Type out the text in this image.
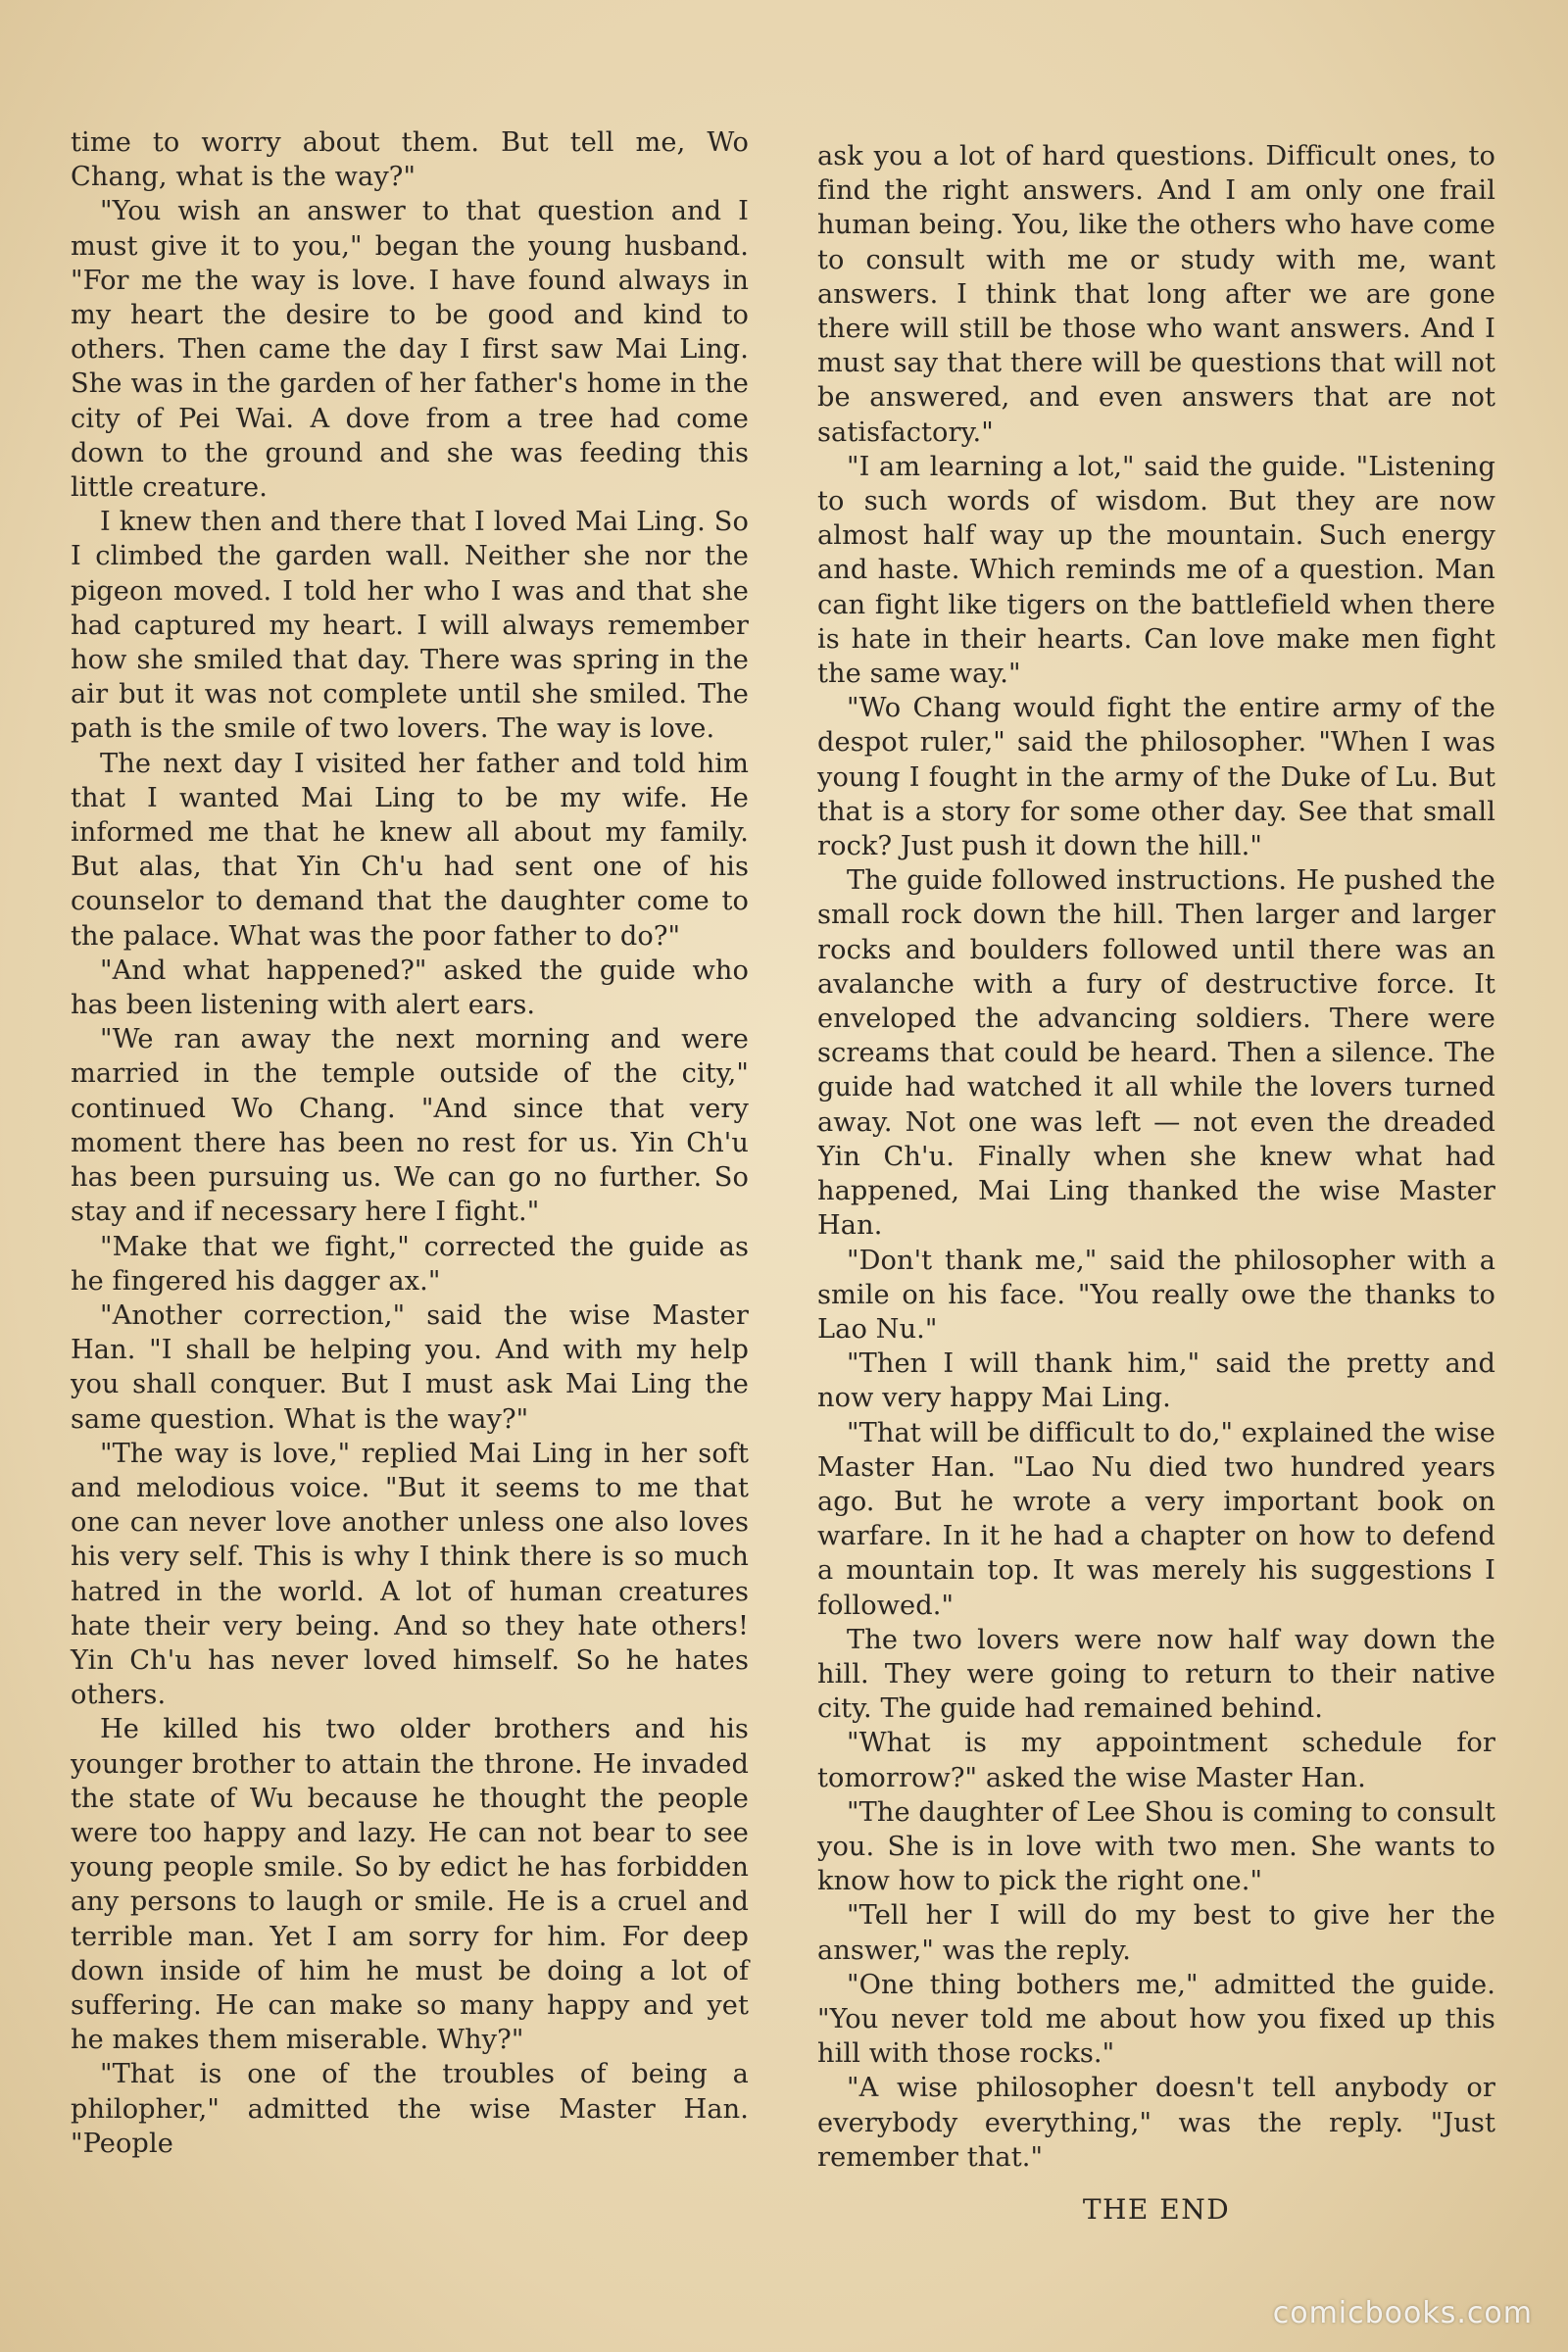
time to worry about them. But tell me, Wo Chang, what is the way?"

"You wish an answer to that question and I must give it to you," began the young husband. "For me the way is love. I have found always in my heart the desire to be good and kind to others. Then came the day I first saw Mai Ling. She was in the garden of her father's home in the city of Pei Wai. A dove from a tree had come down to the ground and she was feeding this little creature.

I knew then and there that I loved Mai Ling. So I climbed the garden wall. Neither she nor the pigeon moved. I told her who I was and that she had captured my heart. I will always remember how she smiled that day. There was spring in the air but it was not complete until she smiled. The path is the smile of two lovers. The way is love.

The next day I visited her father and told him that I wanted Mai Ling to be my wife. He informed me that he knew all about my family. But alas, that Yin Ch'u had sent one of his counselor to demand that the daughter come to the palace. What was the poor father to do?"

"And what happened?" asked the guide who has been listening with alert ears.

"We ran away the next morning and were married in the temple outside of the city," continued Wo Chang. "And since that very moment there has been no rest for us. Yin Ch'u has been pursuing us. We can go no further. So stay and if necessary here I fight."

"Make that we fight," corrected the guide as he fingered his dagger ax."

"Another correction," said the wise Master Han. "I shall be helping you. And with my help you shall conquer. But I must ask Mai Ling the same question. What is the way?"

"The way is love," replied Mai Ling in her soft and melodious voice. "But it seems to me that one can never love another unless one also loves his very self. This is why I think there is so much hatred in the world. A lot of human creatures hate their very being. And so they hate others! Yin Ch'u has never loved himself. So he hates others.

He killed his two older brothers and his younger brother to attain the throne. He invaded the state of Wu because he thought the people were too happy and lazy. He can not bear to see young people smile. So by edict he has forbidden any persons to laugh or smile. He is a cruel and terrible man. Yet I am sorry for him. For deep down inside of him he must be doing a lot of suffering. He can make so many happy and yet he makes them miserable. Why?"

"That is one of the troubles of being a philopher," admitted the wise Master Han. "People

ask you a lot of hard questions. Difficult ones, to find the right answers. And I am only one frail human being. You, like the others who have come to consult with me or study with me, want answers. I think that long after we are gone there will still be those who want answers. And I must say that there will be questions that will not be answered, and even answers that are not satisfactory."

"I am learning a lot," said the guide. "Listening to such words of wisdom. But they are now almost half way up the mountain. Such energy and haste. Which reminds me of a question. Man can fight like tigers on the battlefield when there is hate in their hearts. Can love make men fight the same way."

"Wo Chang would fight the entire army of the despot ruler," said the philosopher. "When I was young I fought in the army of the Duke of Lu. But that is a story for some other day. See that small rock? Just push it down the hill."

The guide followed instructions. He pushed the small rock down the hill. Then larger and larger rocks and boulders followed until there was an avalanche with a fury of destructive force. It enveloped the advancing soldiers. There were screams that could be heard. Then a silence. The guide had watched it all while the lovers turned away. Not one was left — not even the dreaded Yin Ch'u. Finally when she knew what had happened, Mai Ling thanked the wise Master Han.

"Don't thank me," said the philosopher with a smile on his face. "You really owe the thanks to Lao Nu."

"Then I will thank him," said the pretty and now very happy Mai Ling.

"That will be difficult to do," explained the wise Master Han. "Lao Nu died two hundred years ago. But he wrote a very important book on warfare. In it he had a chapter on how to defend a mountain top. It was merely his suggestions I followed."

The two lovers were now half way down the hill. They were going to return to their native city. The guide had remained behind.

"What is my appointment schedule for tomorrow?" asked the wise Master Han.

"The daughter of Lee Shou is coming to consult you. She is in love with two men. She wants to know how to pick the right one."

"Tell her I will do my best to give her the answer," was the reply.

"One thing bothers me," admitted the guide. "You never told me about how you fixed up this hill with those rocks."

"A wise philosopher doesn't tell anybody or everybody everything," was the reply. "Just remember that."

THE END
comicbooks.com
